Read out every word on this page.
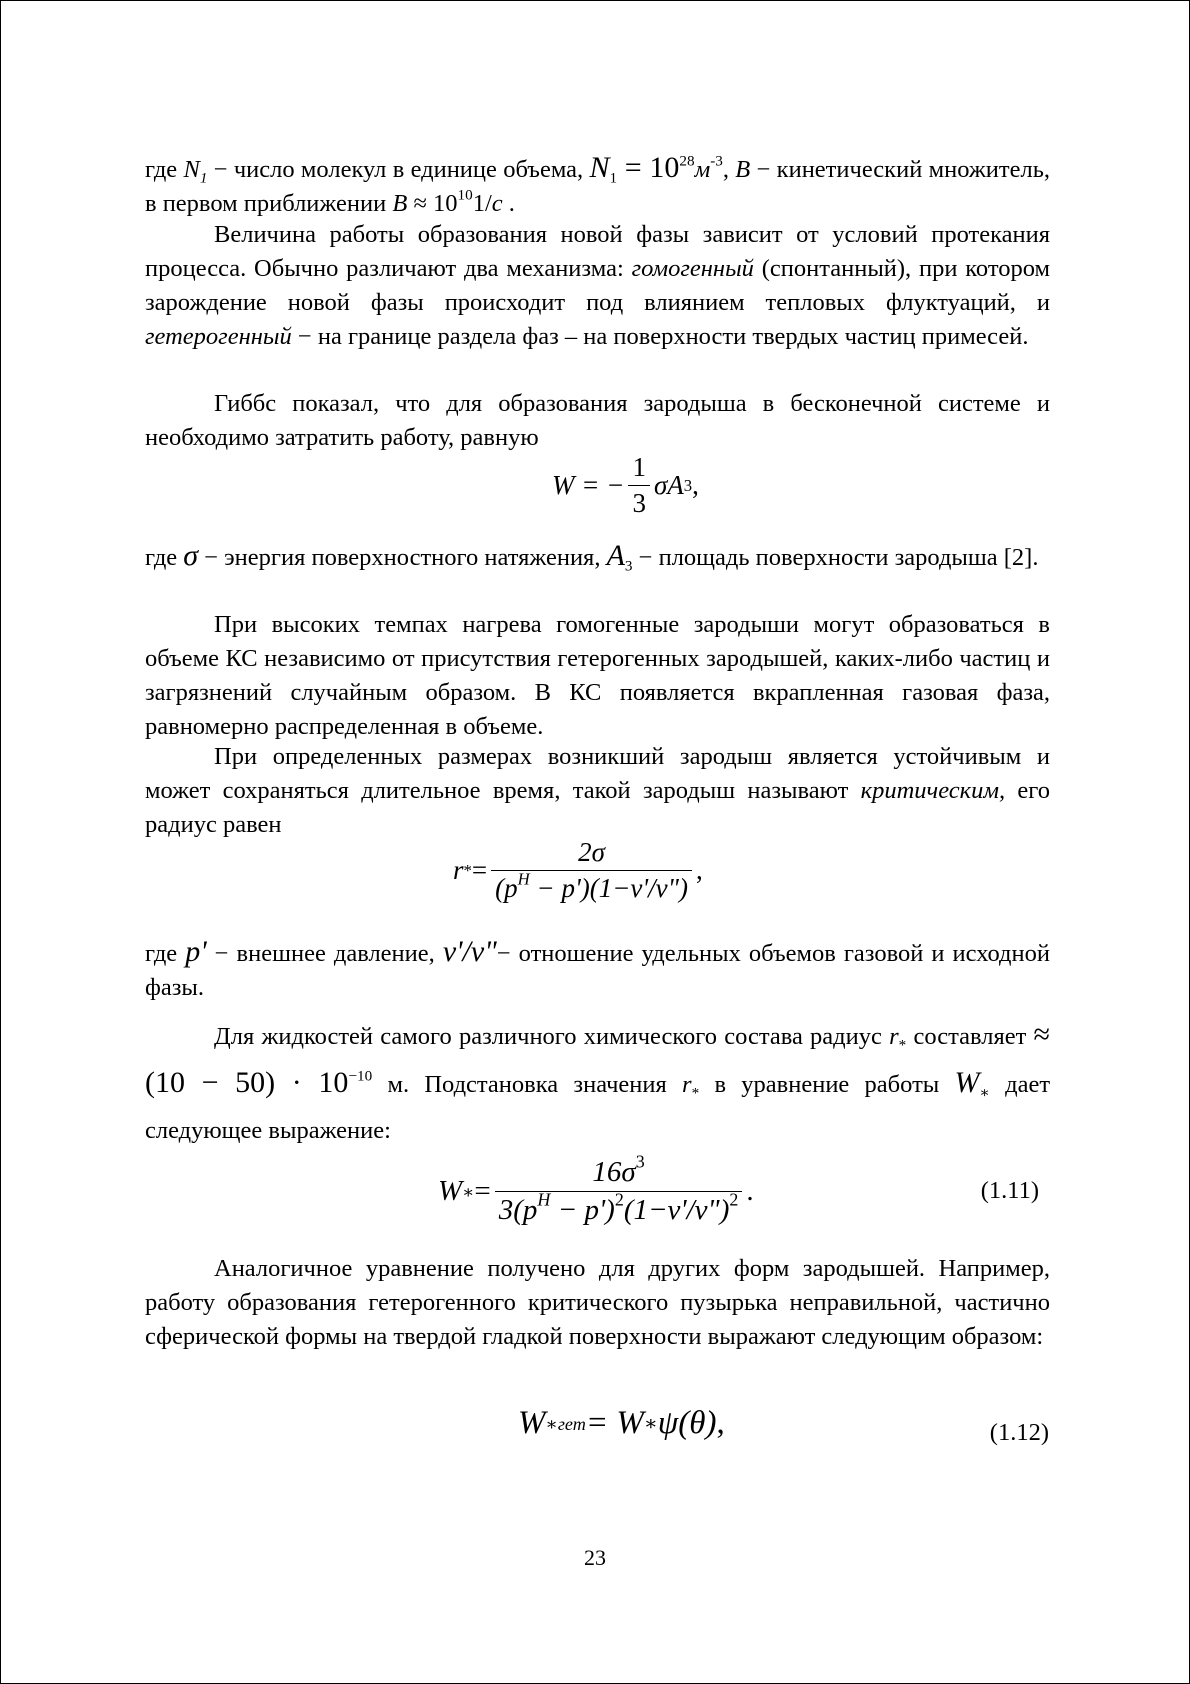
где $N_1$ − число молекул в единице объема, $N_1 = 10^{28}м^{-3}$, B − кинетический множитель, в первом приближении $B \approx 10^{10}1/c$ .

Величина работы образования новой фазы зависит от условий протекания процесса. Обычно различают два механизма: гомогенный (спонтанный), при котором зарождение новой фазы происходит под влиянием тепловых флуктуаций, и гетерогенный − на границе раздела фаз – на поверхности твердых частиц примесей.

Гиббс показал, что для образования зародыша в бесконечной системе и необходимо затратить работу, равную

W = − $\frac{1}{3}$ σA 3 ,

где σ − энергия поверхностного натяжения, $A_3$ − площадь поверхности зародыша [2].

При высоких темпах нагрева гомогенные зародыши могут образоваться в объеме КС независимо от присутствия гетерогенных зародышей, каких-либо частиц и загрязнений случайным образом. В КС появляется вкрапленная газовая фаза, равномерно распределенная в объеме.

При определенных размерах возникший зародыш является устойчивым и может сохраняться длительное время, такой зародыш называют критическим, его радиус равен

r * = $\frac{2\sigma}{(p^H - p')(1-\nu'/\nu")}$ ,

где p' − внешнее давление, ν'/ν"− отношение удельных объемов газовой и исходной фазы.

Для жидкостей самого различного химического состава радиус $r_*$ составляет ≈ $(10 - 50) \cdot 10^{-10}$ м. Подстановка значения $r_*$ в уравнение работы $W_∗$ дает следующее выражение:

W ∗ = $\frac{16\sigma^3}{3(p^H - p')^2(1-\nu'/\nu")^2}$ .	(1.11)

Аналогичное уравнение получено для других форм зародышей. Например, работу образования гетерогенного критического пузырька неправильной, частично сферической формы на твердой гладкой поверхности выражают следующим образом:

W ∗гет = W ∗ ψ(θ) ,	(1.12)
23
